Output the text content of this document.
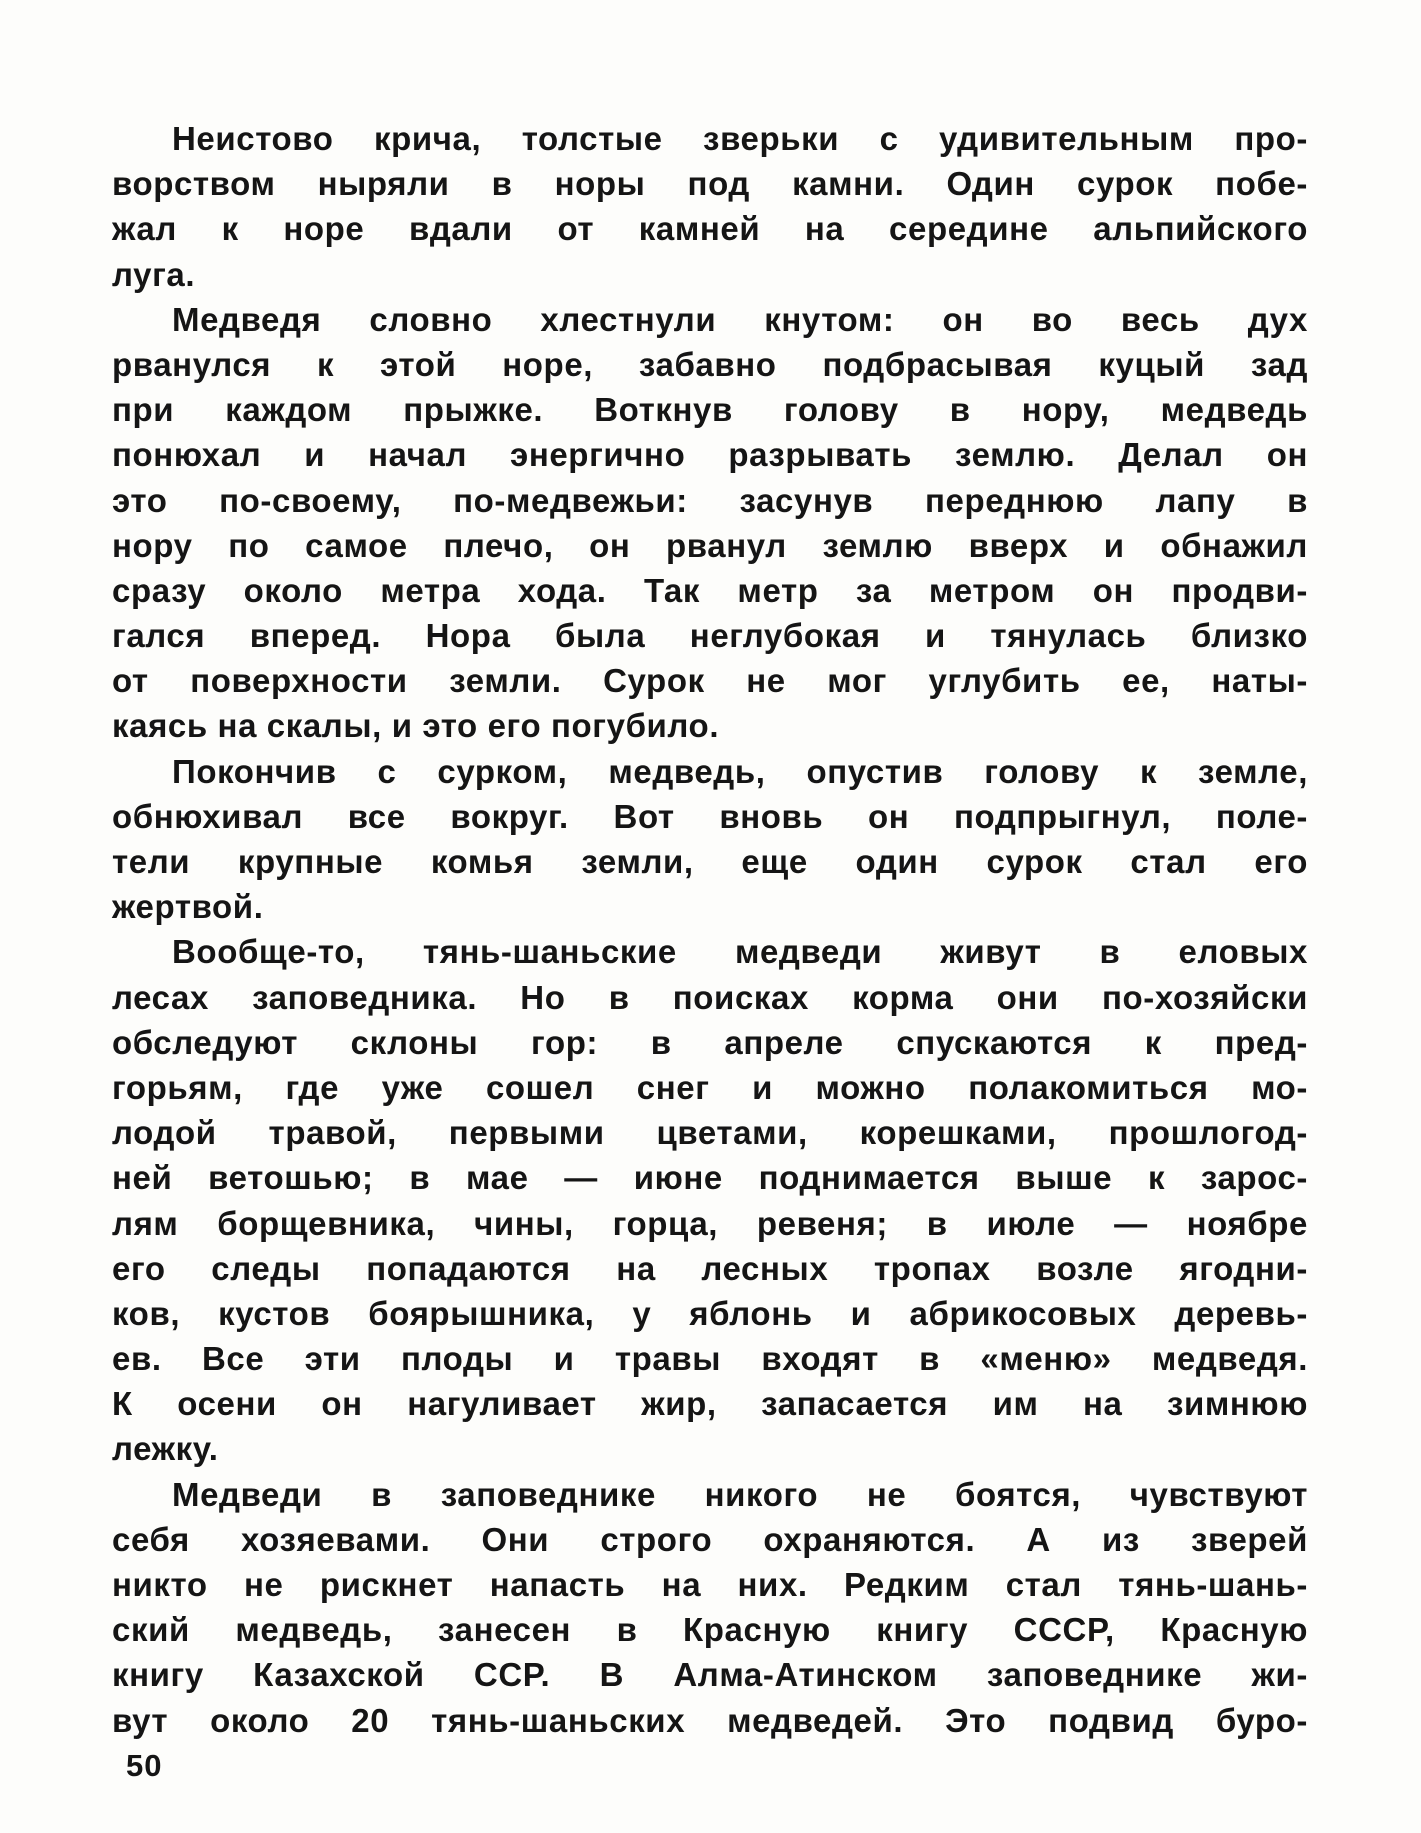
Неистово крича, толстые зверьки с удивительным про-
ворством ныряли в норы под камни. Один сурок побе-
жал к норе вдали от камней на середине альпийского
луга.
Медведя словно хлестнули кнутом: он во весь дух
рванулся к этой норе, забавно подбрасывая куцый зад
при каждом прыжке. Воткнув голову в нору, медведь
понюхал и начал энергично разрывать землю. Делал он
это по-своему, по-медвежьи: засунув переднюю лапу в
нору по самое плечо, он рванул землю вверх и обнажил
сразу около метра хода. Так метр за метром он продви-
гался вперед. Нора была неглубокая и тянулась близко
от поверхности земли. Сурок не мог углубить ее, наты-
каясь на скалы, и это его погубило.
Покончив с сурком, медведь, опустив голову к земле,
обнюхивал все вокруг. Вот вновь он подпрыгнул, поле-
тели крупные комья земли, еще один сурок стал его
жертвой.
Вообще-то, тянь-шаньские медведи живут в еловых
лесах заповедника. Но в поисках корма они по-хозяйски
обследуют склоны гор: в апреле спускаются к пред-
горьям, где уже сошел снег и можно полакомиться мо-
лодой травой, первыми цветами, корешками, прошлогод-
ней ветошью; в мае — июне поднимается выше к зарос-
лям борщевника, чины, горца, ревеня; в июле — ноябре
его следы попадаются на лесных тропах возле ягодни-
ков, кустов боярышника, у яблонь и абрикосовых деревь-
ев. Все эти плоды и травы входят в «меню» медведя.
К осени он нагуливает жир, запасается им на зимнюю
лежку.
Медведи в заповеднике никого не боятся, чувствуют
себя хозяевами. Они строго охраняются. А из зверей
никто не рискнет напасть на них. Редким стал тянь-шань-
ский медведь, занесен в Красную книгу СССР, Красную
книгу Казахской ССР. В Алма-Атинском заповеднике жи-
вут около 20 тянь-шаньских медведей. Это подвид буро-
50
